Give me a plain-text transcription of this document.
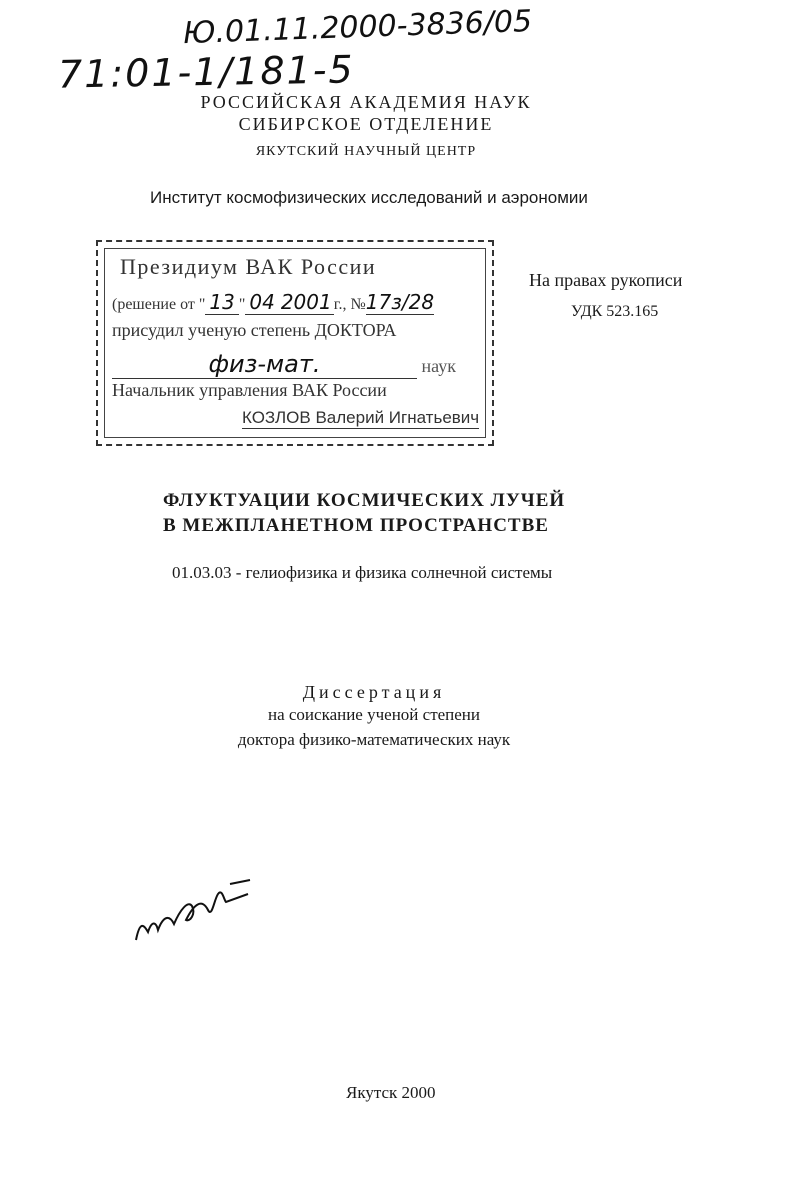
Ю.01.11.2000-3836/05
71:01-1/181-5
РОССИЙСКАЯ АКАДЕМИЯ НАУК
СИБИРСКОЕ ОТДЕЛЕНИЕ
ЯКУТСКИЙ НАУЧНЫЙ ЦЕНТР
Институт космофизических исследований и аэрономии
Президиум ВАК России
(решение от " 13 " 04 2001 г., №17з/28
присудил ученую степень ДОКТОРА
физ-мат.	наук
Начальник управления ВАК России
КОЗЛОВ Валерий Игнатьевич
На правах рукописи
УДК 523.165
ФЛУКТУАЦИИ КОСМИЧЕСКИХ ЛУЧЕЙ
В МЕЖПЛАНЕТНОМ ПРОСТРАНСТВЕ
01.03.03 - гелиофизика и физика солнечной системы
Диссертация
на соискание ученой степени
доктора физико-математических наук
Якутск 2000
